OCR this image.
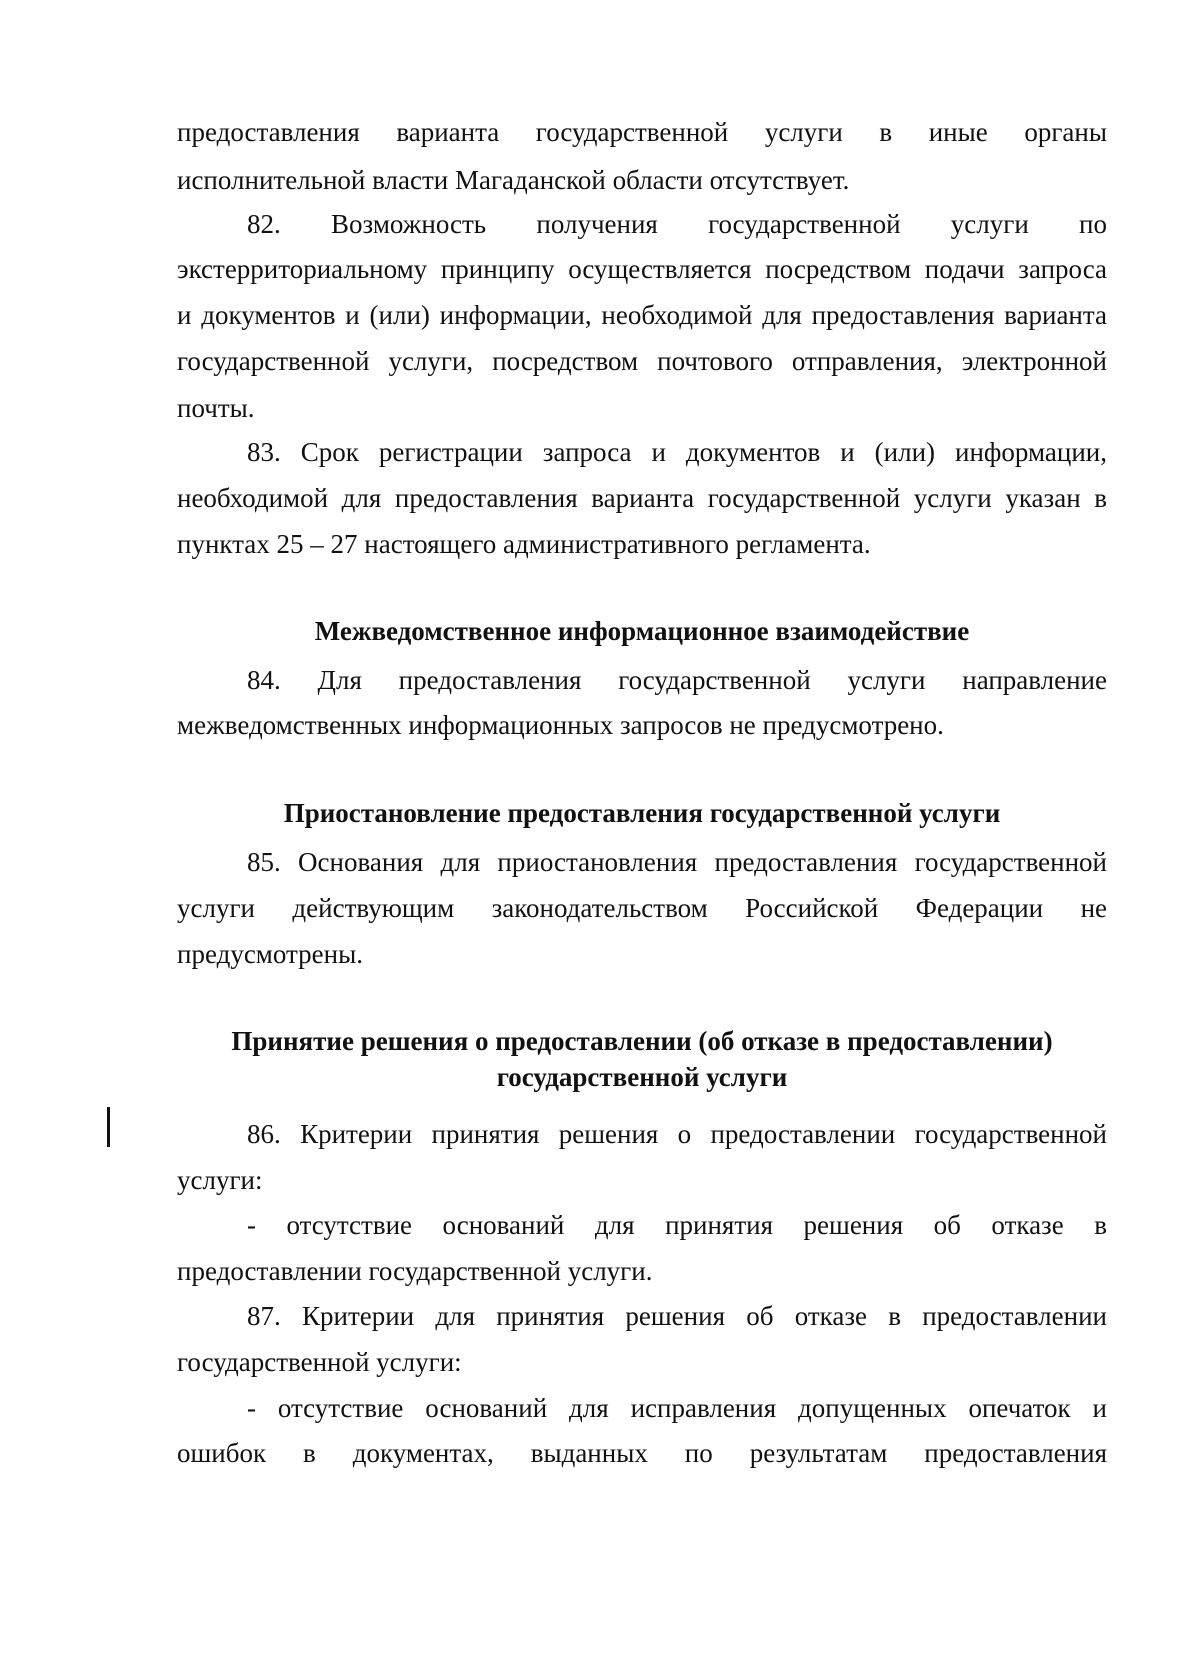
предоставления варианта государственной услуги в иные органы
исполнительной власти Магаданской области отсутствует.
82. Возможность получения государственной услуги по
экстерриториальному принципу осуществляется посредством подачи запроса
и документов и (или) информации, необходимой для предоставления варианта
государственной услуги, посредством почтового отправления, электронной
почты.
83. Срок регистрации запроса и документов и (или) информации,
необходимой для предоставления варианта государственной услуги указан в
пунктах 25 – 27 настоящего административного регламента.
Межведомственное информационное взаимодействие
84. Для предоставления государственной услуги направление
межведомственных информационных запросов не предусмотрено.
Приостановление предоставления государственной услуги
85. Основания для приостановления предоставления государственной
услуги действующим законодательством Российской Федерации не
предусмотрены.
Принятие решения о предоставлении (об отказе в предоставлении)
государственной услуги
86. Критерии принятия решения о предоставлении государственной
услуги:
- отсутствие оснований для принятия решения об отказе в
предоставлении государственной услуги.
87. Критерии для принятия решения об отказе в предоставлении
государственной услуги:
- отсутствие оснований для исправления допущенных опечаток и
ошибок в документах, выданных по результатам предоставления
